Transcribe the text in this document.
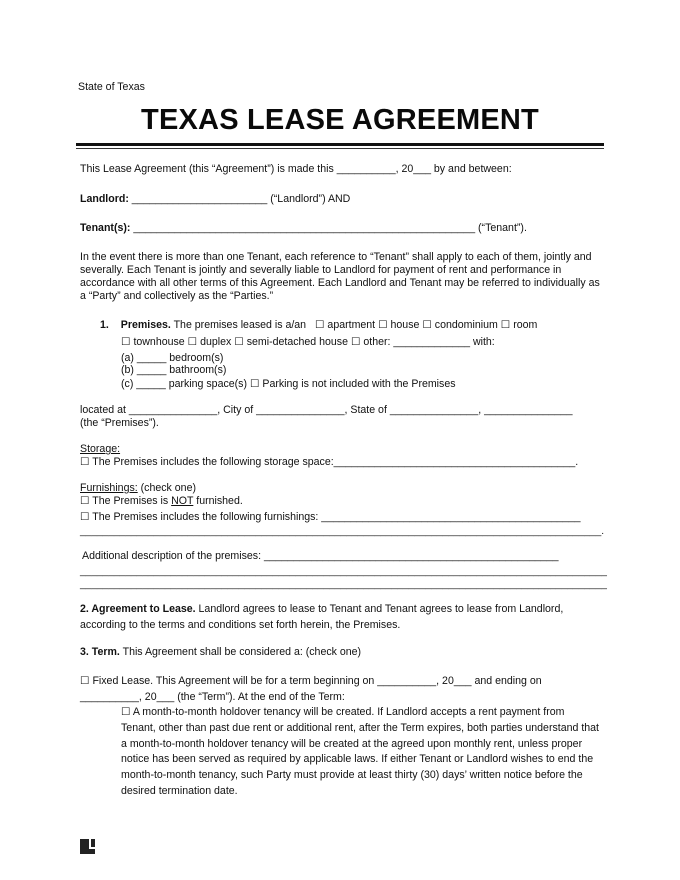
State of Texas
TEXAS LEASE AGREEMENT
This Lease Agreement (this “Agreement”) is made this __________, 20___ by and between:
Landlord: _______________________ (“Landlord”) AND
Tenant(s): __________________________________________________________ (“Tenant”).
In the event there is more than one Tenant, each reference to “Tenant” shall apply to each of them, jointly and severally. Each Tenant is jointly and severally liable to Landlord for payment of rent and performance in accordance with all other terms of this Agreement. Each Landlord and Tenant may be referred to individually as a “Party” and collectively as the “Parties.”
1. Premises. The premises leased is a/an ☐ apartment ☐ house ☐ condominium ☐ room
☐ townhouse ☐ duplex ☐ semi-detached house ☐ other: _____________ with:
(a) _____ bedroom(s)
(b) _____ bathroom(s)
(c) _____ parking space(s) ☐ Parking is not included with the Premises
located at _______________, City of _______________, State of _______________, _______________
(the “Premises”).
Storage:
☐ The Premises includes the following storage space:_________________________________________.
Furnishings: (check one)
☐ The Premises is NOT furnished.
☐ The Premises includes the following furnishings: ____________________________________________
____________________________________________________________________________________________.
Additional description of the premises: __________________________________________________
_____________________________________________________________________________________________
_____________________________________________________________________________________________
2. Agreement to Lease. Landlord agrees to lease to Tenant and Tenant agrees to lease from Landlord, according to the terms and conditions set forth herein, the Premises.
3. Term. This Agreement shall be considered a: (check one)
☐ Fixed Lease. This Agreement will be for a term beginning on __________, 20___ and ending on
__________, 20___ (the “Term”). At the end of the Term:
☐ A month-to-month holdover tenancy will be created. If Landlord accepts a rent payment from Tenant, other than past due rent or additional rent, after the Term expires, both parties understand that a month-to-month holdover tenancy will be created at the agreed upon monthly rent, unless proper notice has been served as required by applicable laws. If either Tenant or Landlord wishes to end the month-to-month tenancy, such Party must provide at least thirty (30) days’ written notice before the desired termination date.
